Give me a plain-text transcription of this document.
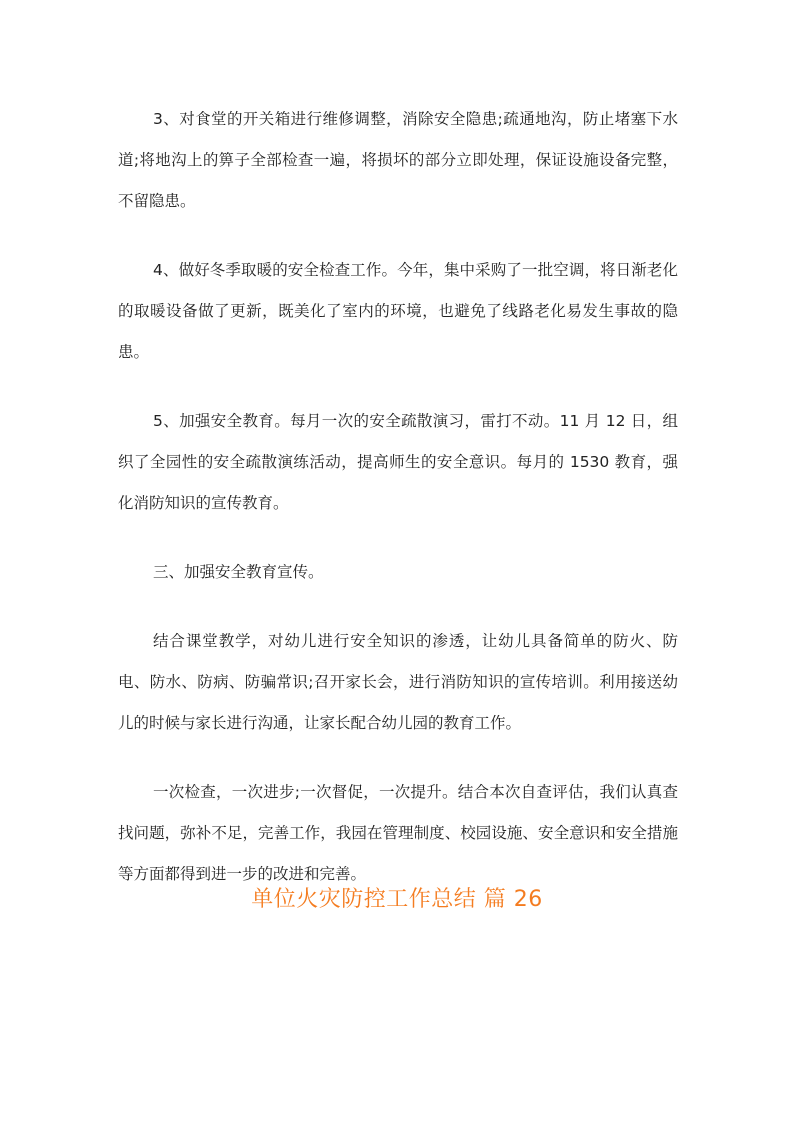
3、对食堂的开关箱进行维修调整，消除安全隐患;疏通地沟，防止堵塞下水道;将地沟上的箅子全部检查一遍，将损坏的部分立即处理，保证设施设备完整，不留隐患。

4、做好冬季取暖的安全检查工作。今年，集中采购了一批空调，将日渐老化的取暖设备做了更新，既美化了室内的环境，也避免了线路老化易发生事故的隐患。

5、加强安全教育。每月一次的安全疏散演习，雷打不动。11 月 12 日，组织了全园性的安全疏散演练活动，提高师生的安全意识。每月的 1530 教育，强化消防知识的宣传教育。

三、加强安全教育宣传。

结合课堂教学，对幼儿进行安全知识的渗透，让幼儿具备简单的防火、防电、防水、防病、防骗常识;召开家长会，进行消防知识的宣传培训。利用接送幼儿的时候与家长进行沟通，让家长配合幼儿园的教育工作。

一次检查，一次进步;一次督促，一次提升。结合本次自查评估，我们认真查找问题，弥补不足，完善工作，我园在管理制度、校园设施、安全意识和安全措施等方面都得到进一步的改进和完善。

单位火灾防控工作总结 篇 26
